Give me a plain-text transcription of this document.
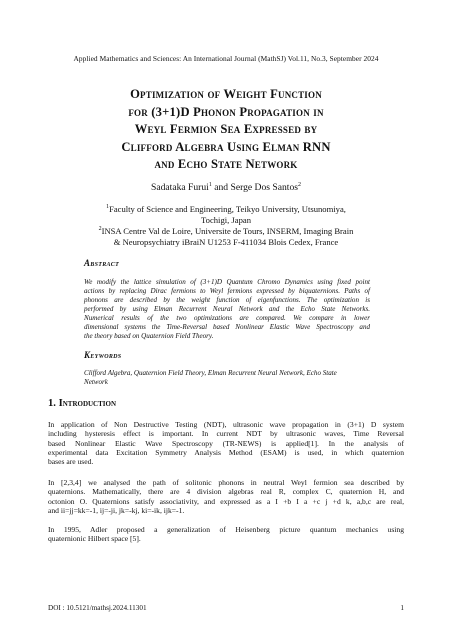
Applied Mathematics and Sciences: An International Journal (MathSJ) Vol.11, No.3, September 2024
Optimization of Weight Function
for (3+1)D Phonon Propagation in
Weyl Fermion Sea Expressed by
Clifford Algebra Using Elman RNN
and Echo State Network
Sadataka Furui$^1$ and Serge Dos Santos$^2$
$^1$Faculty of Science and Engineering, Teikyo University, Utsunomiya,
Tochigi, Japan
$^2$INSA Centre Val de Loire, Universite de Tours, INSERM, Imaging Brain
& Neuropsychiatry iBraiN U1253 F-411034 Blois Cedex, France
Abstract
We modify the lattice simulation of (3+1)D Quantum Chromo Dynamics using fixed point
actions by replacing Dirac fermions to Weyl fermions expressed by biquaternions. Paths of
phonons are described by the weight function of eigenfunctions. The optimization is
performed by using Elman Recurrent Neural Network and the Echo State Networks.
Numerical results of the two optimizations are compared. We compare in lower
dimensional systems the Time-Reversal based Nonlinear Elastic Wave Spectroscopy and
the theory based on Quaternion Field Theory.
Keywords
Clifford Algebra, Quaternion Field Theory, Elman Recurrent Neural Network, Echo State
Network
1. Introduction
In application of Non Destructive Testing (NDT), ultrasonic wave propagation in (3+1) D system
including hysteresis effect is important. In current NDT by ultrasonic waves, Time Reversal
based Nonlinear Elastic Wave Spectroscopy (TR-NEWS) is applied[1]. In the analysis of
experimental data Excitation Symmetry Analysis Method (ESAM) is used, in which quaternion
bases are used.
In [2,3,4] we analysed the path of solitonic phonons in neutral Weyl fermion sea described by
quaternions. Mathematically, there are 4 division algebras real R, complex C, quaternion H, and
octonion O. Quaternions satisfy associativity, and expressed as a I +b I a +c j +d k, a,b,c are real,
and ii=jj=kk=-1, ij=-ji, jk=-kj, ki=-ik, ijk=-1.
In 1995, Adler proposed a generalization of Heisenberg picture quantum mechanics using
quaternionic Hilbert space [5].
DOI : 10.5121/mathsj.2024.11301	1
